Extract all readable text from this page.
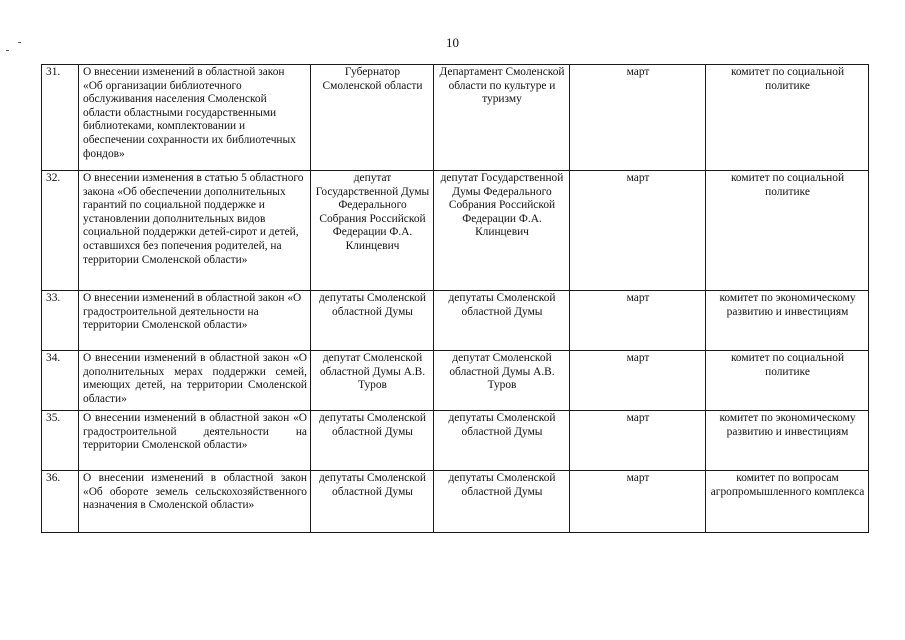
10
31.	О внесении изменений в областной закон «Об организации библиотечного обслуживания населения Смоленской области областными государственными библиотеками, комплектовании и обеспечении сохранности их библиотечных фондов»	Губернатор Смоленской области	Департамент Смоленской области по культуре и туризму	март	комитет по социальной политике
32.	О внесении изменения в статью 5 областного закона «Об обеспечении дополнительных гарантий по социальной поддержке и установлении дополнительных видов социальной поддержки детей-сирот и детей, оставшихся без попечения родителей, на территории Смоленской области»	депутат Государственной Думы Федерального Собрания Российской Федерации Ф.А. Клинцевич	депутат Государственной Думы Федерального Собрания Российской Федерации Ф.А. Клинцевич	март	комитет по социальной политике
33.	О внесении изменений в областной закон «О градостроительной деятельности на территории Смоленской области»	депутаты Смоленской областной Думы	депутаты Смоленской областной Думы	март	комитет по экономическому развитию и инвестициям
34.	О внесении изменений в областной закон «О дополнительных мерах поддержки семей, имеющих детей, на территории Смоленской области»	депутат Смоленской областной Думы А.В. Туров	депутат Смоленской областной Думы А.В. Туров	март	комитет по социальной политике
35.	О внесении изменений в областной закон «О градостроительной деятельности на территории Смоленской области»	депутаты Смоленской областной Думы	депутаты Смоленской областной Думы	март	комитет по экономическому развитию и инвестициям
36.	О внесении изменений в областной закон «Об обороте земель сельскохозяйственного назначения в Смоленской области»	депутаты Смоленской областной Думы	депутаты Смоленской областной Думы	март	комитет по вопросам агропромышленного комплекса
